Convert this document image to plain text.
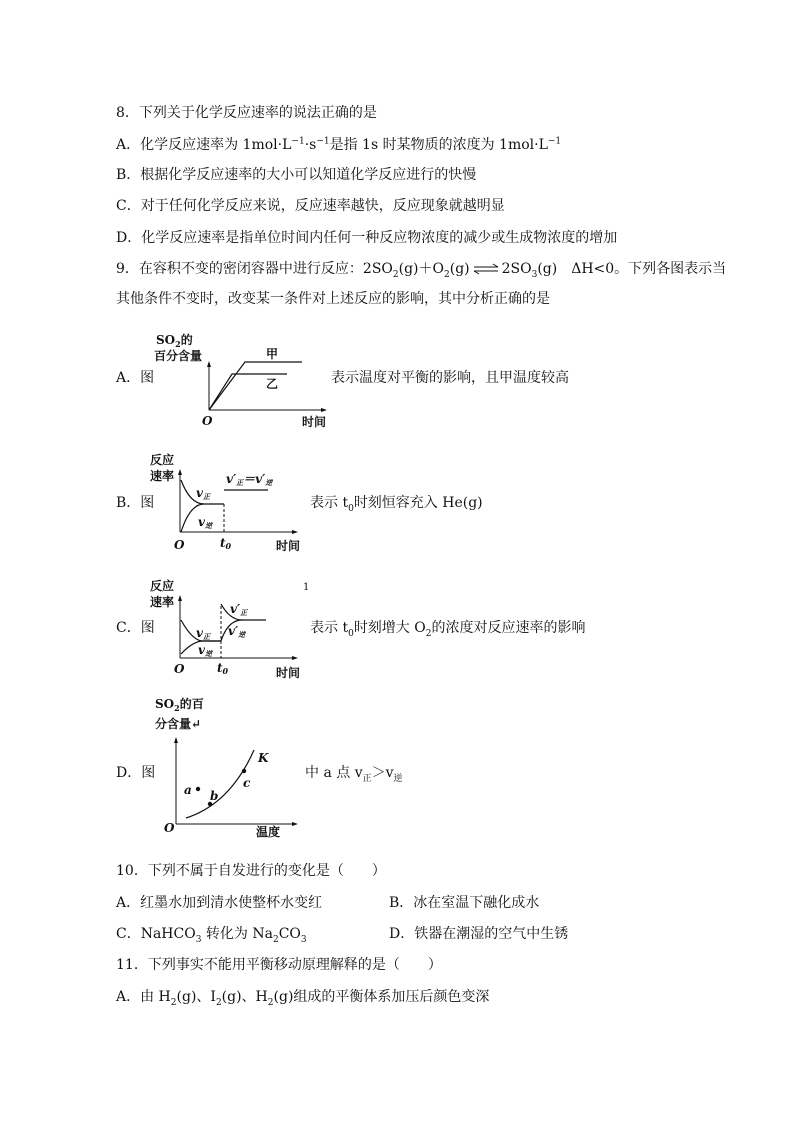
8．下列关于化学反应速率的说法正确的是
A．化学反应速率为 $1mol\cdot L^{-1}\cdot s^{-1}$是指 1s 时某物质的浓度为 $1mol\cdot L^{-1}$
B．根据化学反应速率的大小可以知道化学反应进行的快慢
C．对于任何化学反应来说，反应速率越快，反应现象就越明显
D．化学反应速率是指单位时间内任何一种反应物浓度的减少或生成物浓度的增加
9．在容积不变的密闭容器中进行反应：$2SO_2(g)+O_2(g)$ ⇌ $2SO_3(g)$　ΔH<0。下列各图表示当
其他条件不变时，改变某一条件对上述反应的影响，其中分析正确的是
A．图
$SO_2$的
百分含量	甲
乙
O	时间
表示温度对平衡的影响，且甲温度较高
B．图
反应
速率
v正
v逆
v′正＝v′逆
O	t0	时间
表示 $t_0$时刻恒容充入 He(g)
C．图
反应
速率	v′正
v′逆
v正
v逆
O	t0	时间
1
表示 $t_0$时刻增大 $O_2$的浓度对反应速率的影响
D．图
$SO_2$的百
分含量↵
a b
c
K
O	温度
中 a 点 $v_正>v_逆$
10．下列不属于自发进行的变化是（　　）
A．红墨水加到清水使整杯水变红	B．冰在室温下融化成水
C．NaHCO$_3$ 转化为 $Na_2CO_3$	D．铁器在潮湿的空气中生锈
11．下列事实不能用平衡移动原理解释的是（　　）
A．由 $H_2(g)$、$I_2(g)$、$H_2(g)$组成的平衡体系加压后颜色变深
